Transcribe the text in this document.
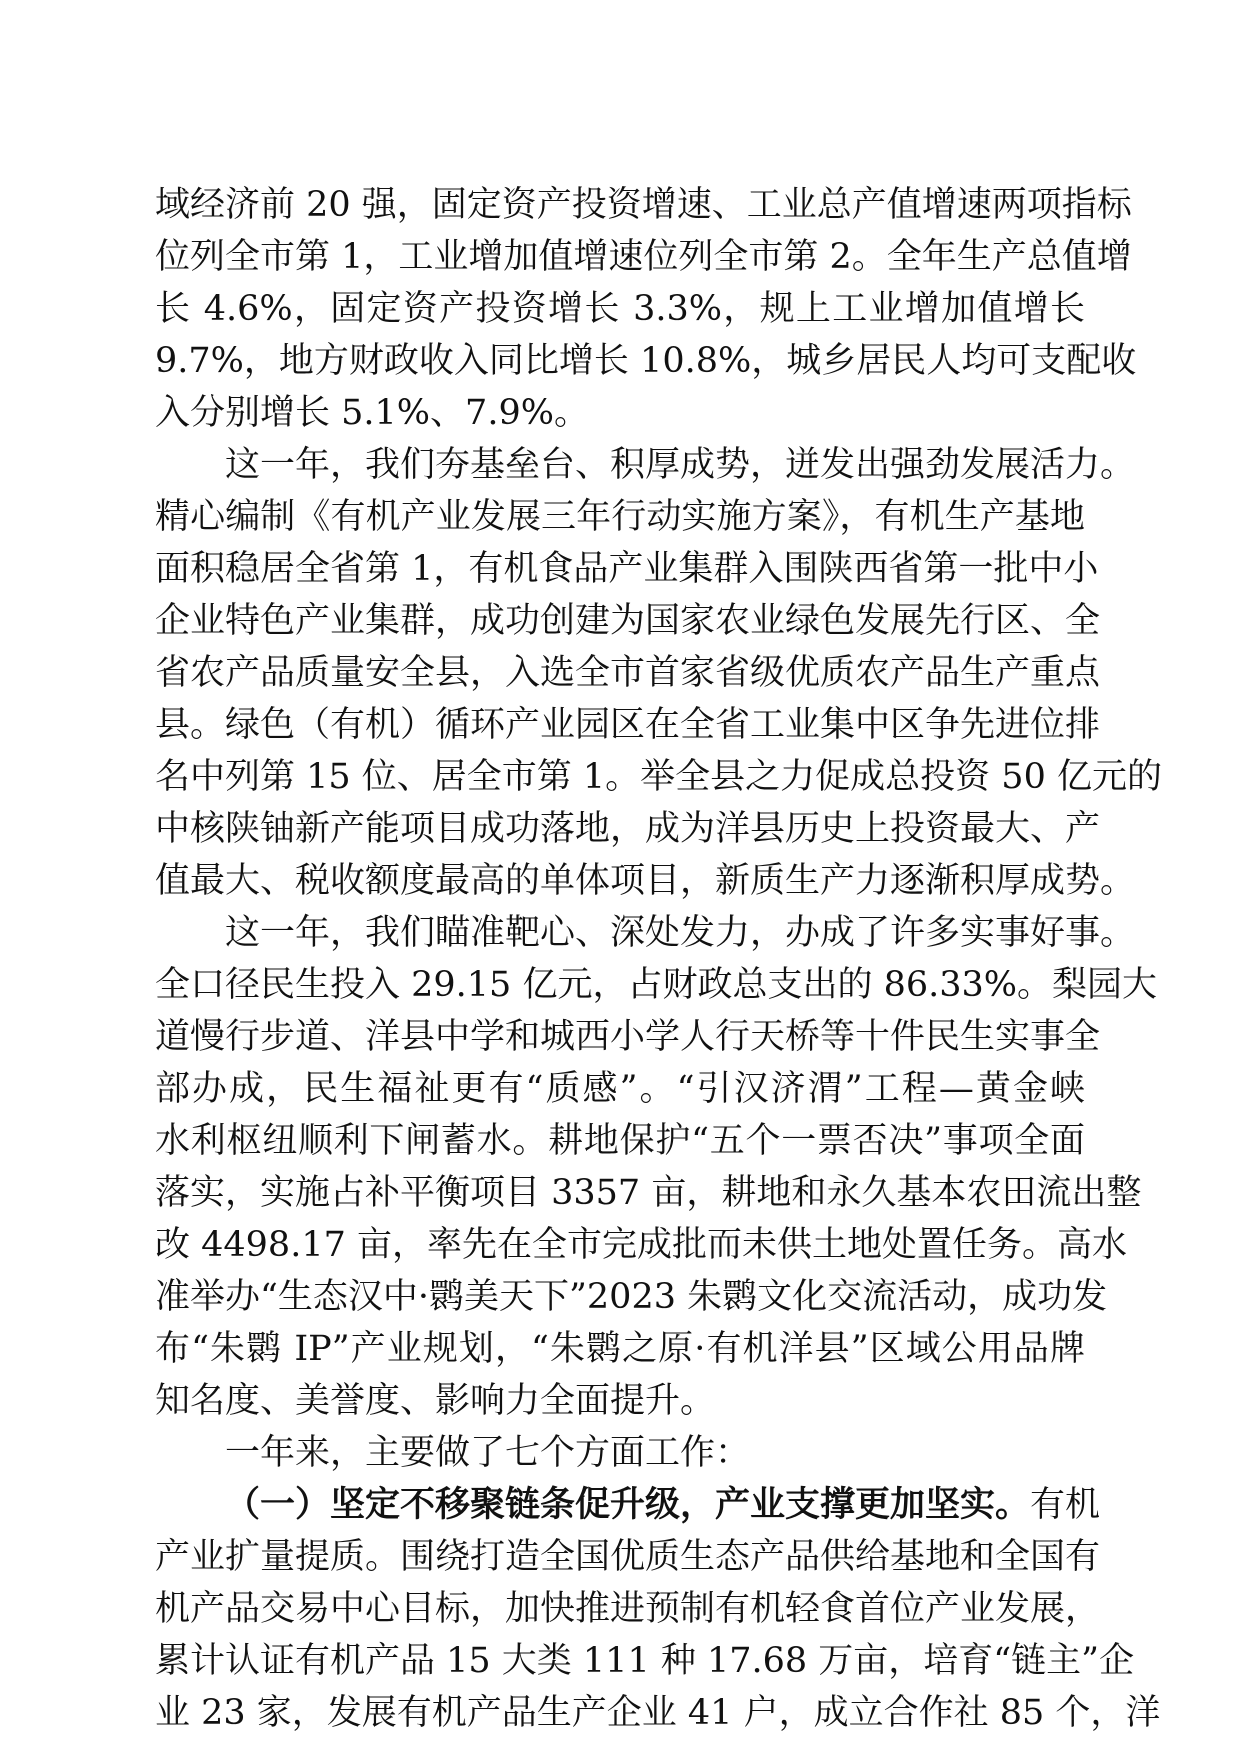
域经济前 20 强，固定资产投资增速、工业总产值增速两项指标
位列全市第 1，工业增加值增速位列全市第 2。全年生产总值增
长 4.6%，固定资产投资增长 3.3%，规上工业增加值增长
9.7%，地方财政收入同比增长 10.8%，城乡居民人均可支配收
入分别增长 5.1%、7.9%。
这一年，我们夯基垒台、积厚成势，迸发出强劲发展活力。
精心编制《有机产业发展三年行动实施方案》，有机生产基地
面积稳居全省第 1，有机食品产业集群入围陕西省第一批中小
企业特色产业集群，成功创建为国家农业绿色发展先行区、全
省农产品质量安全县，入选全市首家省级优质农产品生产重点
县。绿色（有机）循环产业园区在全省工业集中区争先进位排
名中列第 15 位、居全市第 1。举全县之力促成总投资 50 亿元的
中核陕铀新产能项目成功落地，成为洋县历史上投资最大、产
值最大、税收额度最高的单体项目，新质生产力逐渐积厚成势。
这一年，我们瞄准靶心、深处发力，办成了许多实事好事。
全口径民生投入 29.15 亿元，占财政总支出的 86.33%。梨园大
道慢行步道、洋县中学和城西小学人行天桥等十件民生实事全
部办成，民生福祉更有“质感”。“引汉济渭”工程—黄金峡
水利枢纽顺利下闸蓄水。耕地保护“五个一票否决”事项全面
落实，实施占补平衡项目 3357 亩，耕地和永久基本农田流出整
改 4498.17 亩，率先在全市完成批而未供土地处置任务。高水
准举办“生态汉中·鹮美天下”2023 朱鹮文化交流活动，成功发
布“朱鹮 IP”产业规划，“朱鹮之原·有机洋县”区域公用品牌
知名度、美誉度、影响力全面提升。
一年来，主要做了七个方面工作：
（一）坚定不移聚链条促升级，产业支撑更加坚实。有机
产业扩量提质。围绕打造全国优质生态产品供给基地和全国有
机产品交易中心目标，加快推进预制有机轻食首位产业发展，
累计认证有机产品 15 大类 111 种 17.68 万亩，培育“链主”企
业 23 家，发展有机产品生产企业 41 户，成立合作社 85 个，洋
